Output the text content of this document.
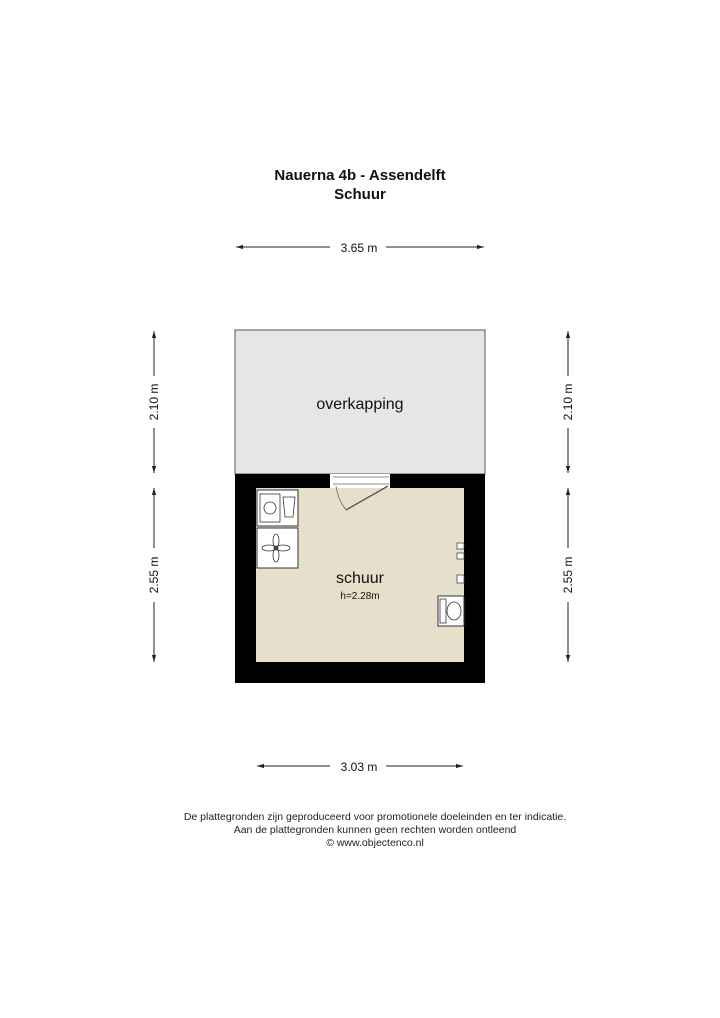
Nauerna 4b - Assendelft
Schuur
3.65 m
3.03 m
2.10 m
2.55 m
2.10 m
2.55 m
overkapping
schuur
h=2.28m
De plattegronden zijn geproduceerd voor promotionele doeleinden en ter indicatie.
Aan de plattegronden kunnen geen rechten worden ontleend
© www.objectenco.nl
